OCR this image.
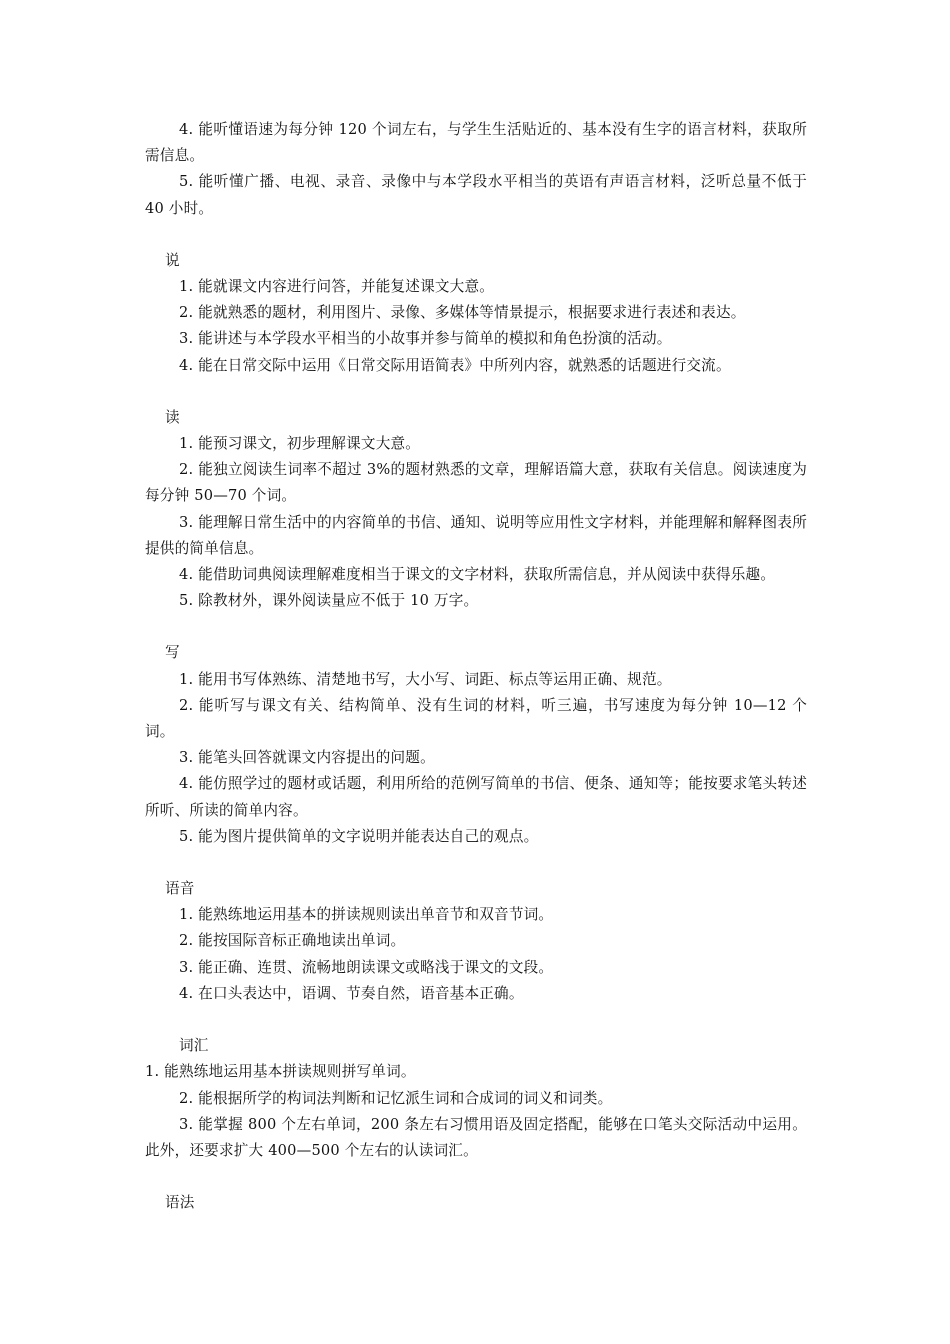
4. 能听懂语速为每分钟 120 个词左右，与学生生活贴近的、基本没有生字的语言材料，获取所需信息。

5. 能听懂广播、电视、录音、录像中与本学段水平相当的英语有声语言材料，泛听总量不低于 40 小时。

说

1. 能就课文内容进行问答，并能复述课文大意。

2. 能就熟悉的题材，利用图片、录像、多媒体等情景提示，根据要求进行表述和表达。

3. 能讲述与本学段水平相当的小故事并参与简单的模拟和角色扮演的活动。

4. 能在日常交际中运用《日常交际用语简表》中所列内容，就熟悉的话题进行交流。

读

1. 能预习课文，初步理解课文大意。

2. 能独立阅读生词率不超过 3%的题材熟悉的文章，理解语篇大意，获取有关信息。阅读速度为每分钟 50—70 个词。

3. 能理解日常生活中的内容简单的书信、通知、说明等应用性文字材料，并能理解和解释图表所提供的简单信息。

4. 能借助词典阅读理解难度相当于课文的文字材料，获取所需信息，并从阅读中获得乐趣。

5. 除教材外，课外阅读量应不低于 10 万字。

写

1. 能用书写体熟练、清楚地书写，大小写、词距、标点等运用正确、规范。

2. 能听写与课文有关、结构简单、没有生词的材料，听三遍，书写速度为每分钟 10—12 个词。

3. 能笔头回答就课文内容提出的问题。

4. 能仿照学过的题材或话题，利用所给的范例写简单的书信、便条、通知等；能按要求笔头转述所听、所读的简单内容。

5. 能为图片提供简单的文字说明并能表达自己的观点。

语音

1. 能熟练地运用基本的拼读规则读出单音节和双音节词。

2. 能按国际音标正确地读出单词。

3. 能正确、连贯、流畅地朗读课文或略浅于课文的文段。

4. 在口头表达中，语调、节奏自然，语音基本正确。

词汇

1. 能熟练地运用基本拼读规则拼写单词。

2. 能根据所学的构词法判断和记忆派生词和合成词的词义和词类。

3. 能掌握 800 个左右单词，200 条左右习惯用语及固定搭配，能够在口笔头交际活动中运用。此外，还要求扩大 400—500 个左右的认读词汇。

语法
